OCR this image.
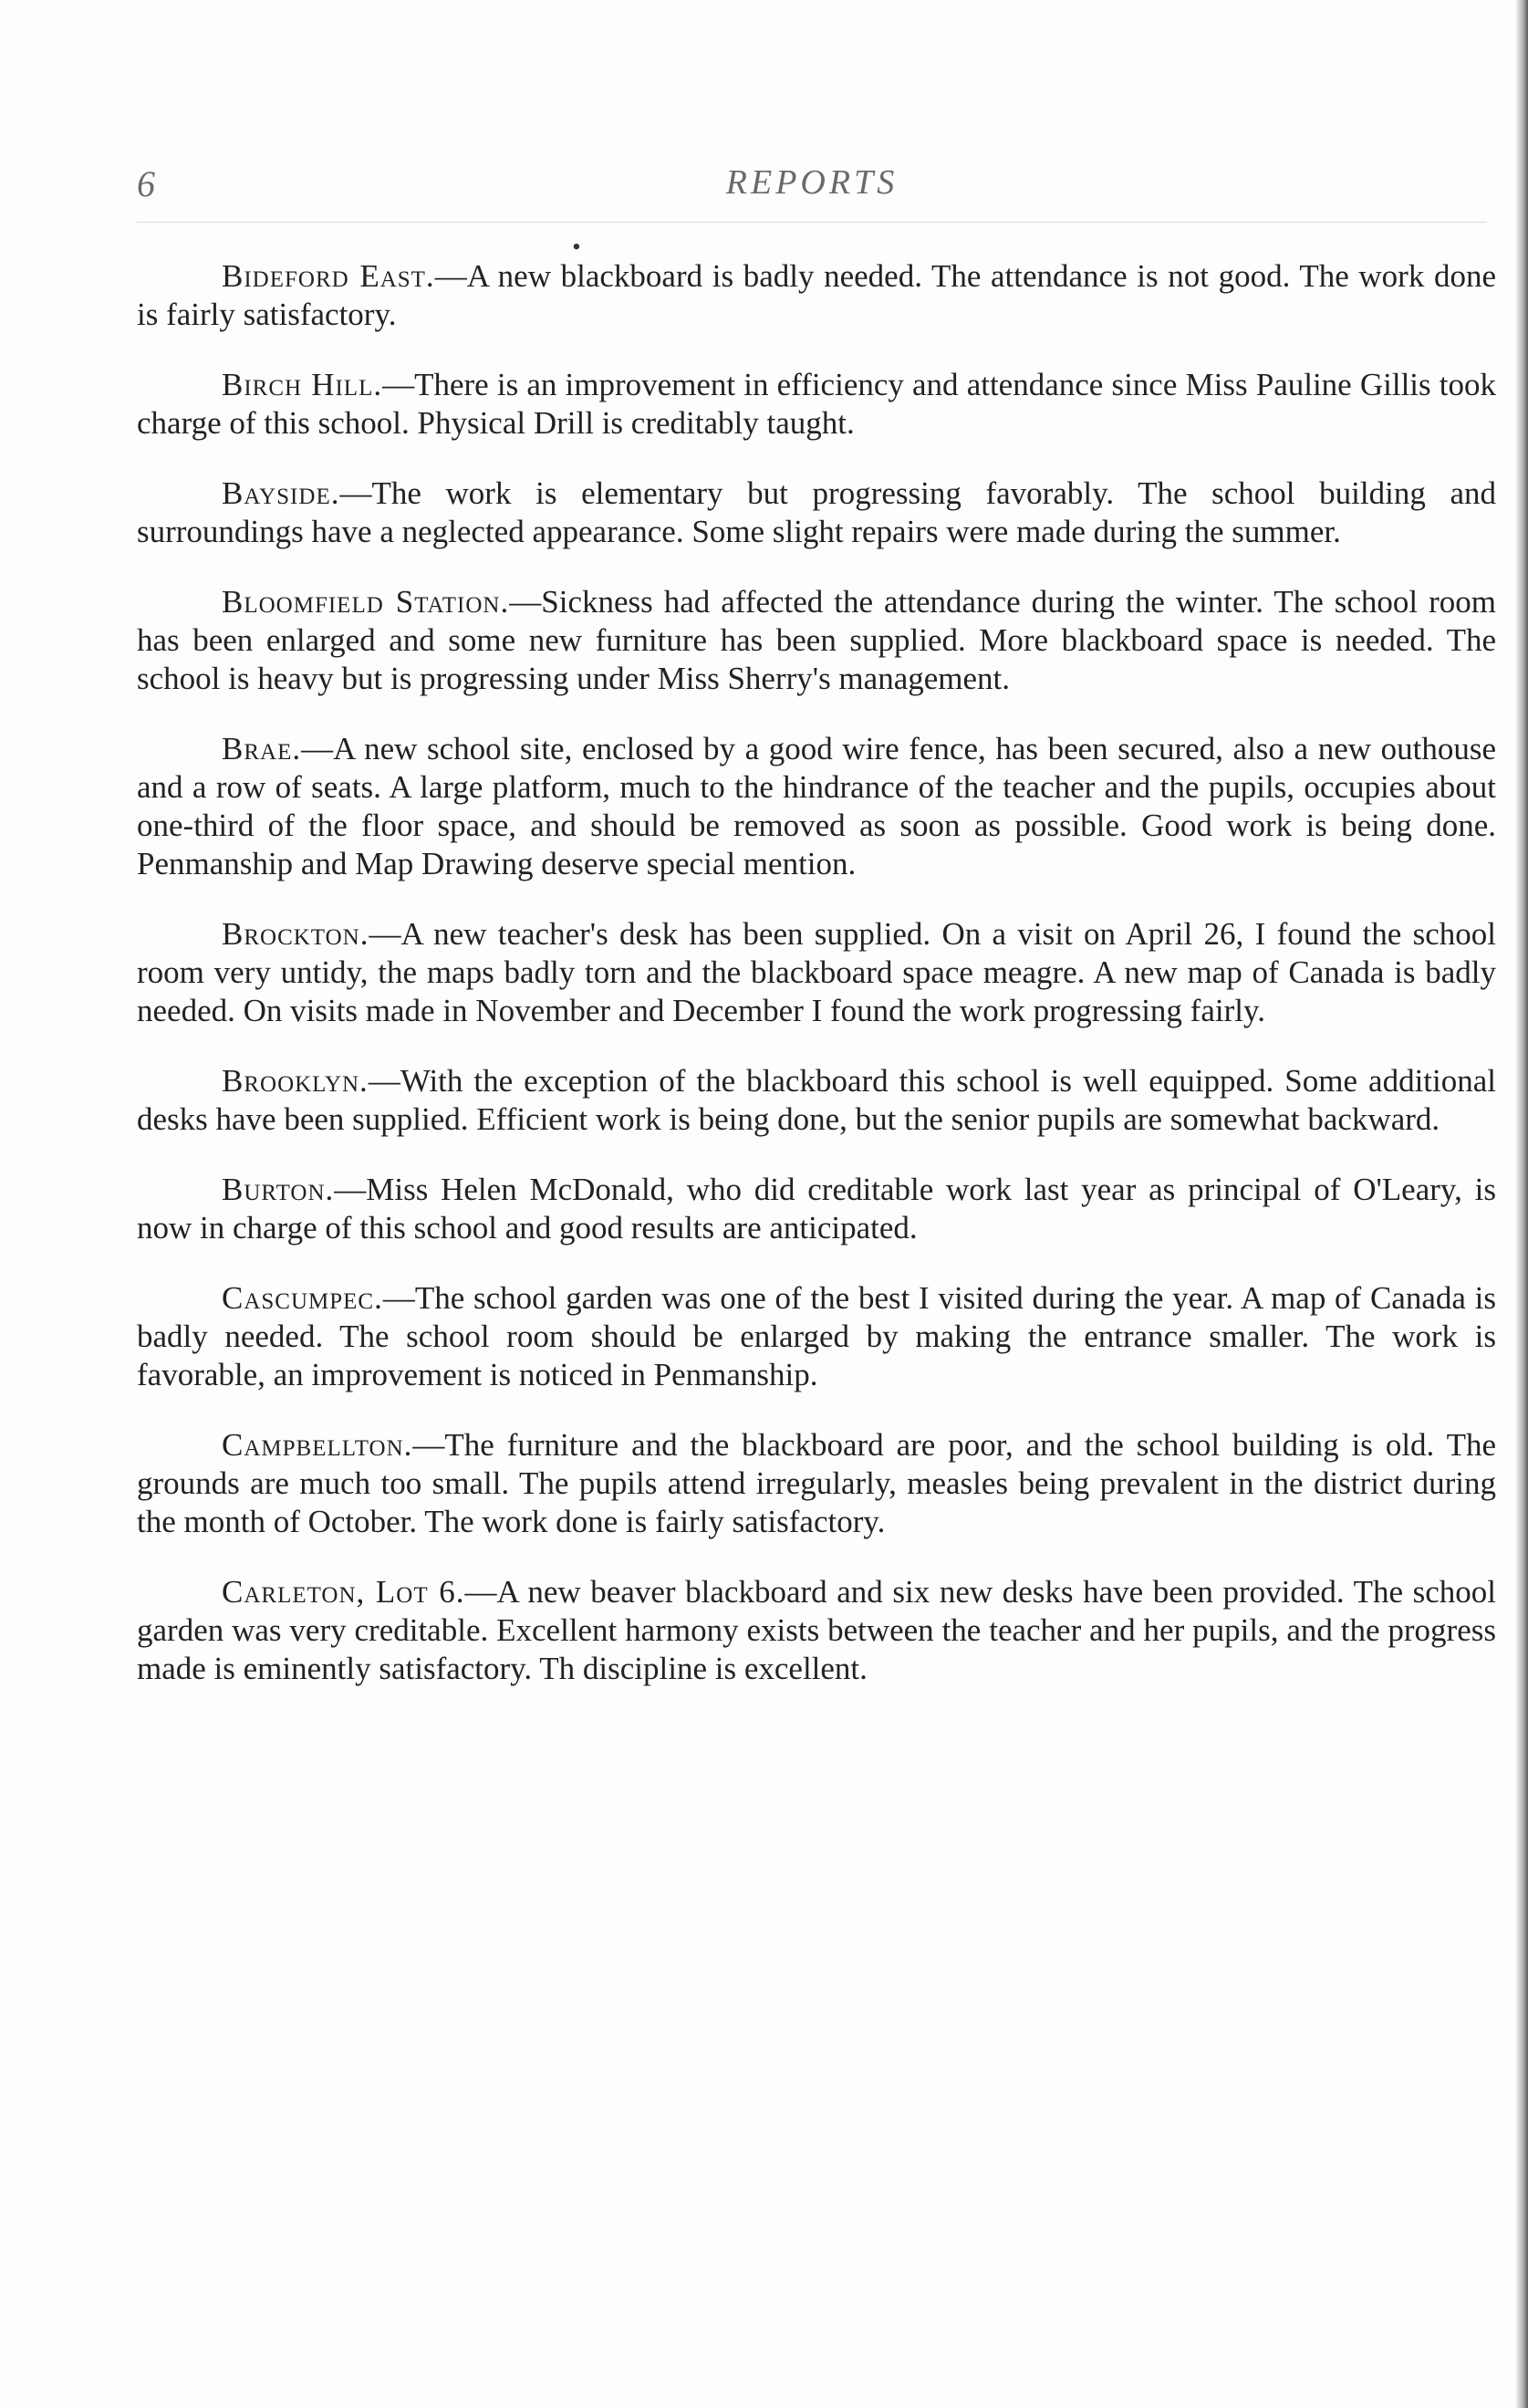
6	REPORTS
∙

Bideford East.—A new blackboard is badly needed. The attendance is not good. The work done is fairly satisfactory.

Birch Hill.—There is an improvement in efficiency and attendance since Miss Pauline Gillis took charge of this school. Physical Drill is creditably taught.

Bayside.—The work is elementary but progressing favorably. The school building and surroundings have a neglected appearance. Some slight repairs were made during the summer.

Bloomfield Station.—Sickness had affected the attendance during the winter. The school room has been enlarged and some new furniture has been supplied. More blackboard space is needed. The school is heavy but is progressing under Miss Sherry's management.

Brae.—A new school site, enclosed by a good wire fence, has been secured, also a new outhouse and a row of seats. A large platform, much to the hindrance of the teacher and the pupils, occupies about one-third of the floor space, and should be removed as soon as possible. Good work is being done. Penmanship and Map Drawing deserve special mention.

Brockton.—A new teacher's desk has been supplied. On a visit on April 26, I found the school room very untidy, the maps badly torn and the blackboard space meagre. A new map of Canada is badly needed. On visits made in November and December I found the work progressing fairly.

Brooklyn.—With the exception of the blackboard this school is well equipped. Some additional desks have been supplied. Efficient work is being done, but the senior pupils are somewhat backward.

Burton.—Miss Helen McDonald, who did creditable work last year as principal of O'Leary, is now in charge of this school and good results are anticipated.

Cascumpec.—The school garden was one of the best I visited during the year. A map of Canada is badly needed. The school room should be enlarged by making the entrance smaller. The work is favorable, an improvement is noticed in Penmanship.

Campbellton.—The furniture and the blackboard are poor, and the school building is old. The grounds are much too small. The pupils attend irregularly, measles being prevalent in the district during the month of October. The work done is fairly satisfactory.

Carleton, Lot 6.—A new beaver blackboard and six new desks have been provided. The school garden was very creditable. Excellent harmony exists between the teacher and her pupils, and the progress made is eminently satisfactory. Th discipline is excellent.
